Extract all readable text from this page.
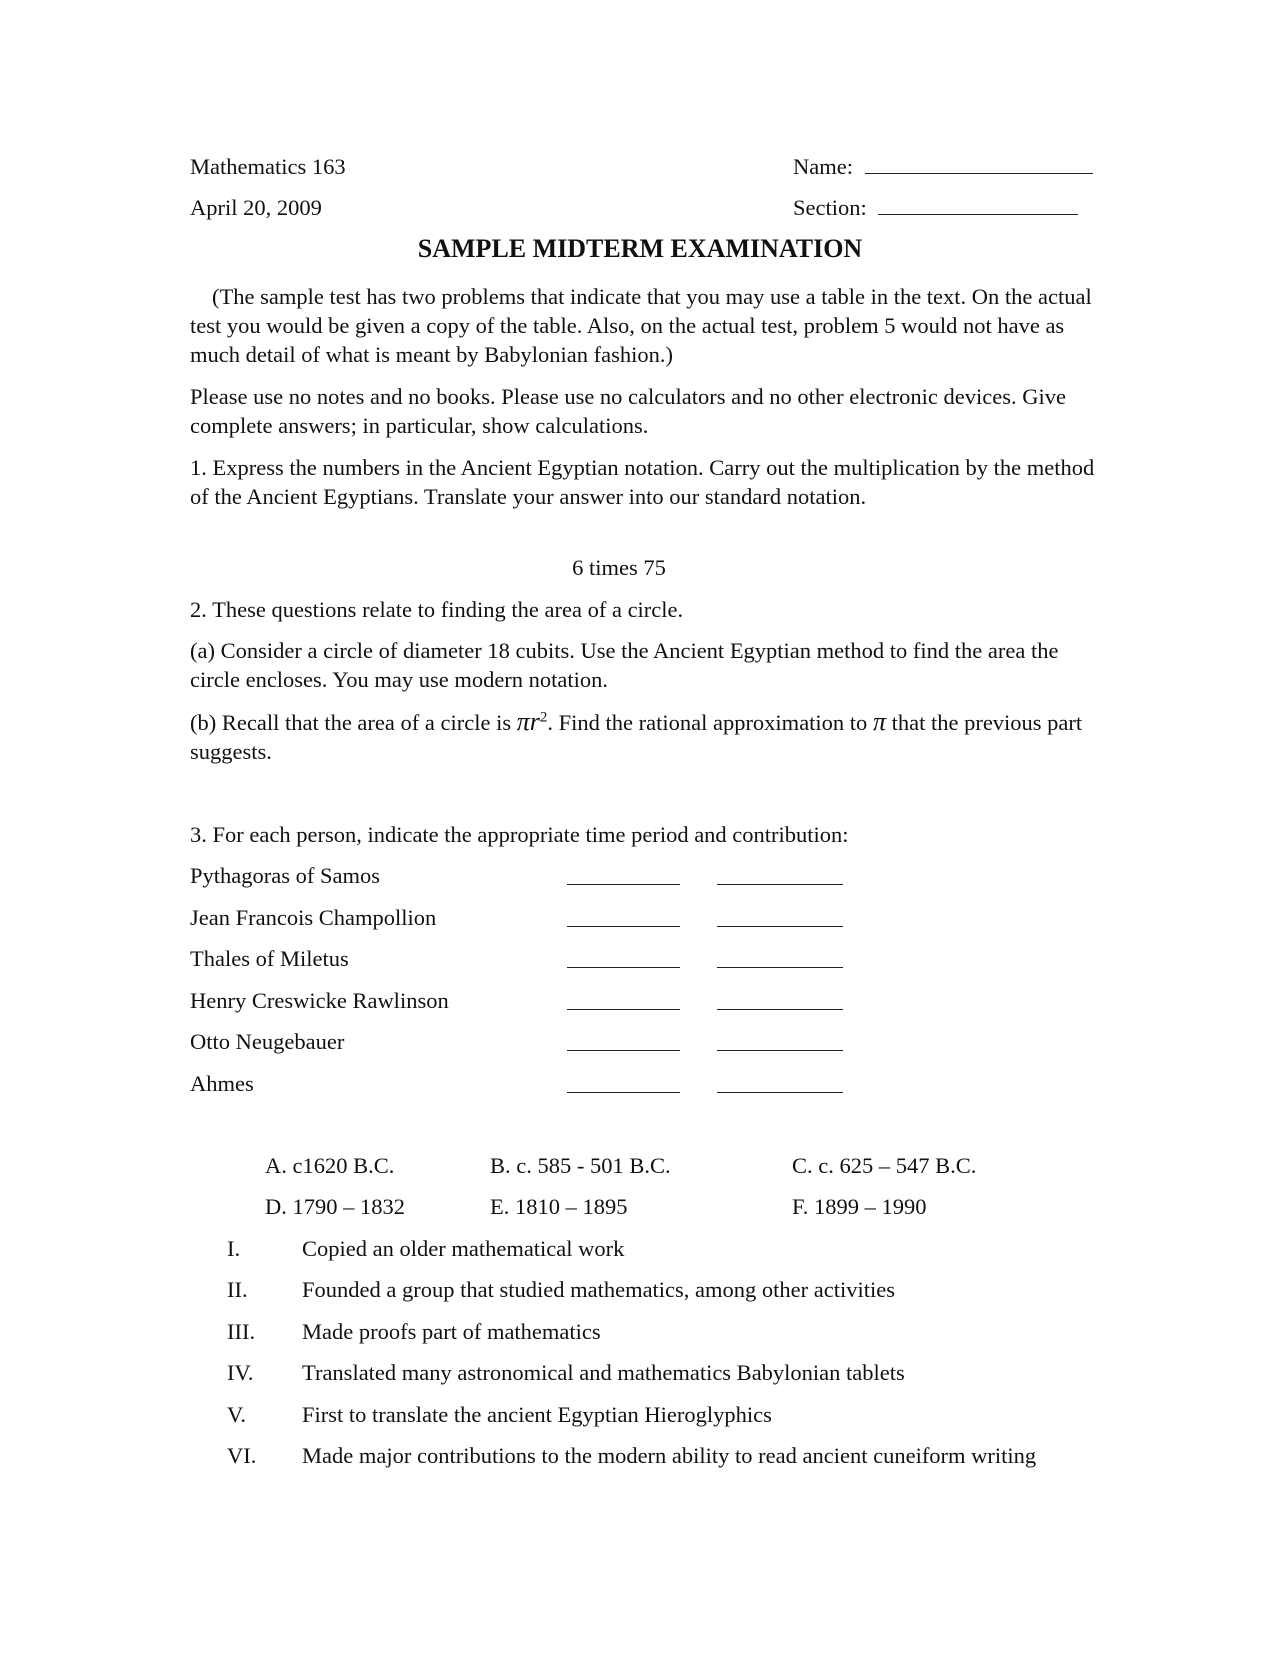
Mathematics 163
April 20, 2009
Name:
Section:
SAMPLE MIDTERM EXAMINATION
(The sample test has two problems that indicate that you may use a table in the text. On the actual test you would be given a copy of the table. Also, on the actual test, problem 5 would not have as much detail of what is meant by Babylonian fashion.)
Please use no notes and no books. Please use no calculators and no other electronic devices. Give complete answers; in particular, show calculations.
1. Express the numbers in the Ancient Egyptian notation. Carry out the multiplication by the method of the Ancient Egyptians. Translate your answer into our standard notation.
6 times 75
2. These questions relate to finding the area of a circle.
(a) Consider a circle of diameter 18 cubits. Use the Ancient Egyptian method to find the area the circle encloses. You may use modern notation.
(b) Recall that the area of a circle is $\pi r^2$. Find the rational approximation to π that the previous part suggests.
3. For each person, indicate the appropriate time period and contribution:
Pythagoras of Samos
Jean Francois Champollion
Thales of Miletus
Henry Creswicke Rawlinson
Otto Neugebauer
Ahmes
A. c1620 B.C.	B. c. 585 - 501 B.C.	C. c. 625 – 547 B.C.
D. 1790 – 1832	E. 1810 – 1895	F. 1899 – 1990
I.	Copied an older mathematical work
II. Founded a group that studied mathematics, among other activities
III. Made proofs part of mathematics
IV. Translated many astronomical and mathematics Babylonian tablets
V. First to translate the ancient Egyptian Hieroglyphics
VI. Made major contributions to the modern ability to read ancient cuneiform writing
